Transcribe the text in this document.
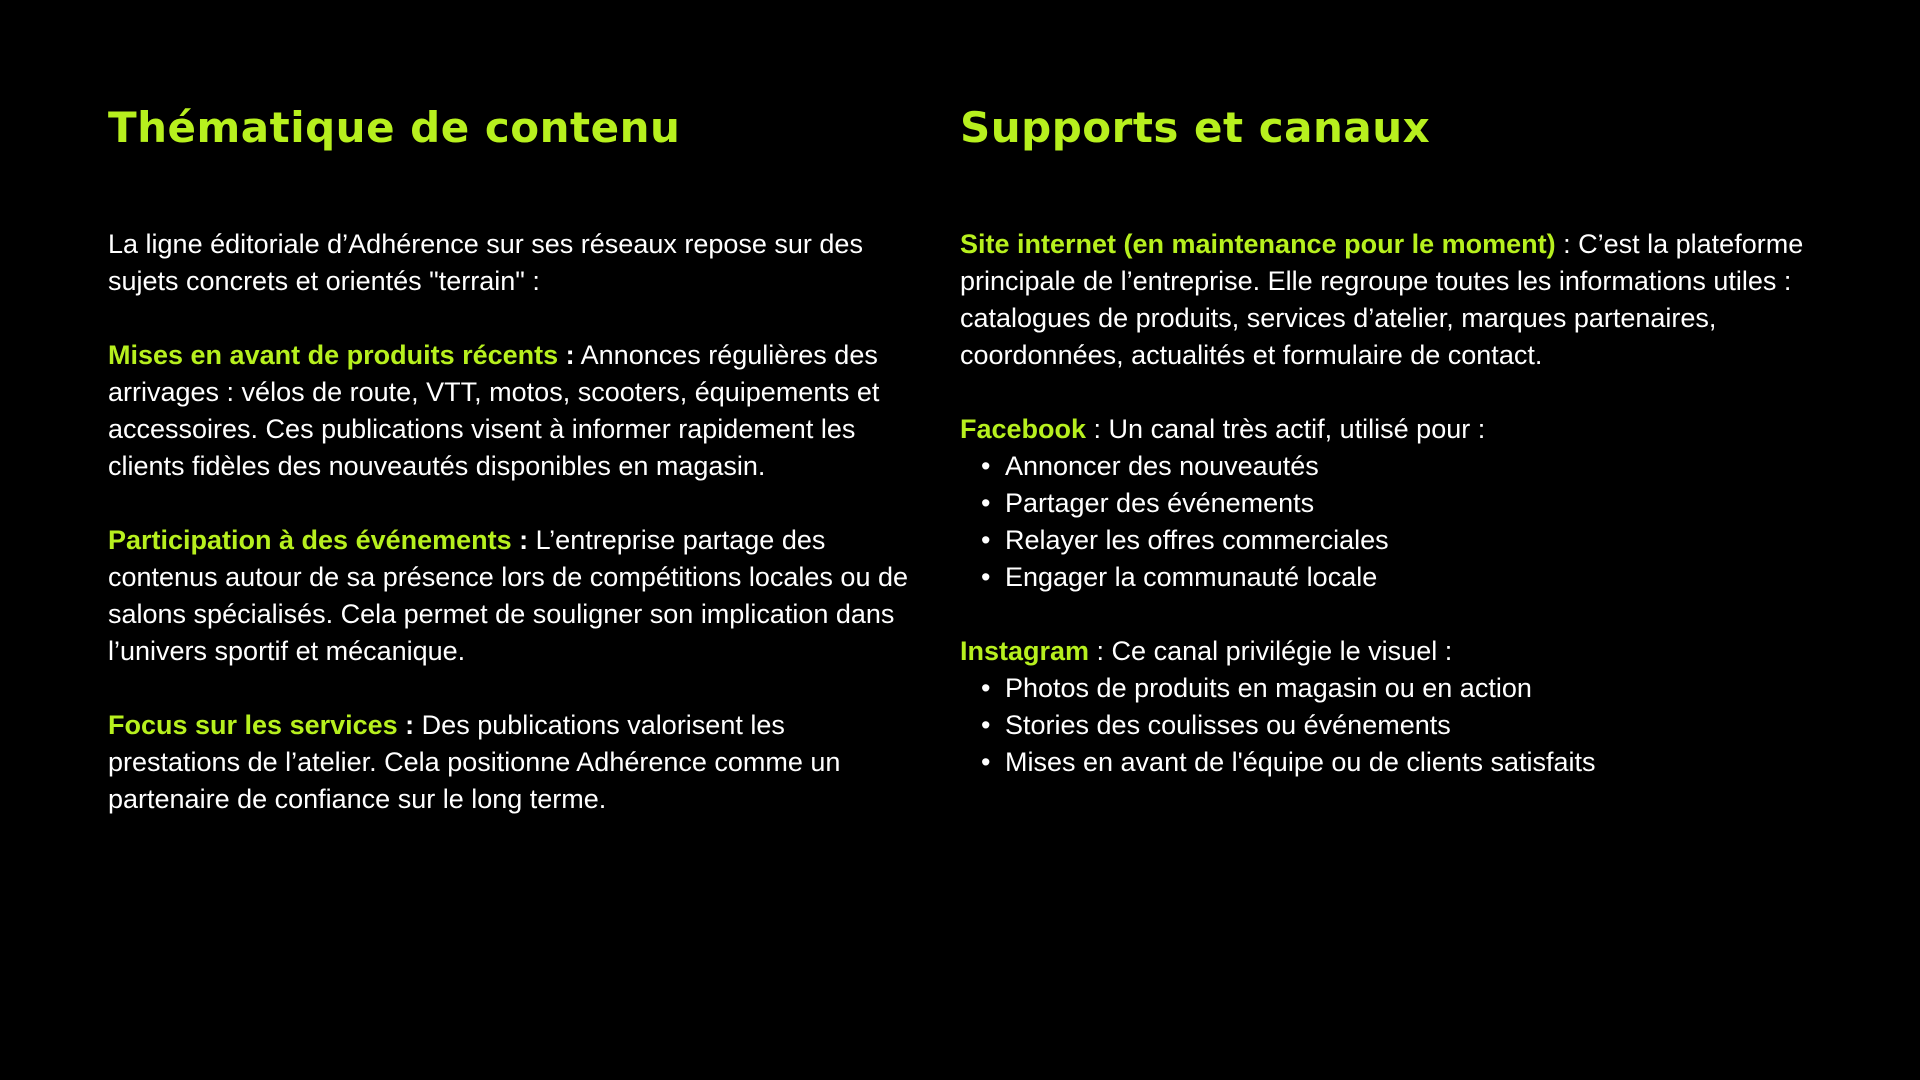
Thématique de contenu

La ligne éditoriale d’Adhérence sur ses réseaux repose sur des sujets concrets et orientés "terrain" :

Mises en avant de produits récents : Annonces régulières des arrivages : vélos de route, VTT, motos, scooters, équipements et accessoires. Ces publications visent à informer rapidement les clients fidèles des nouveautés disponibles en magasin.

Participation à des événements : L’entreprise partage des contenus autour de sa présence lors de compétitions locales ou de salons spécialisés. Cela permet de souligner son implication dans l’univers sportif et mécanique.

Focus sur les services : Des publications valorisent les prestations de l’atelier. Cela positionne Adhérence comme un partenaire de confiance sur le long terme.

Supports et canaux

Site internet (en maintenance pour le moment) : C’est la plateforme principale de l’entreprise. Elle regroupe toutes les informations utiles : catalogues de produits, services d’atelier, marques partenaires, coordonnées, actualités et formulaire de contact.

Facebook : Un canal très actif, utilisé pour :

• Annoncer des nouveautés
• Partager des événements
• Relayer les offres commerciales
• Engager la communauté locale

Instagram : Ce canal privilégie le visuel :

• Photos de produits en magasin ou en action
• Stories des coulisses ou événements
• Mises en avant de l'équipe ou de clients satisfaits
